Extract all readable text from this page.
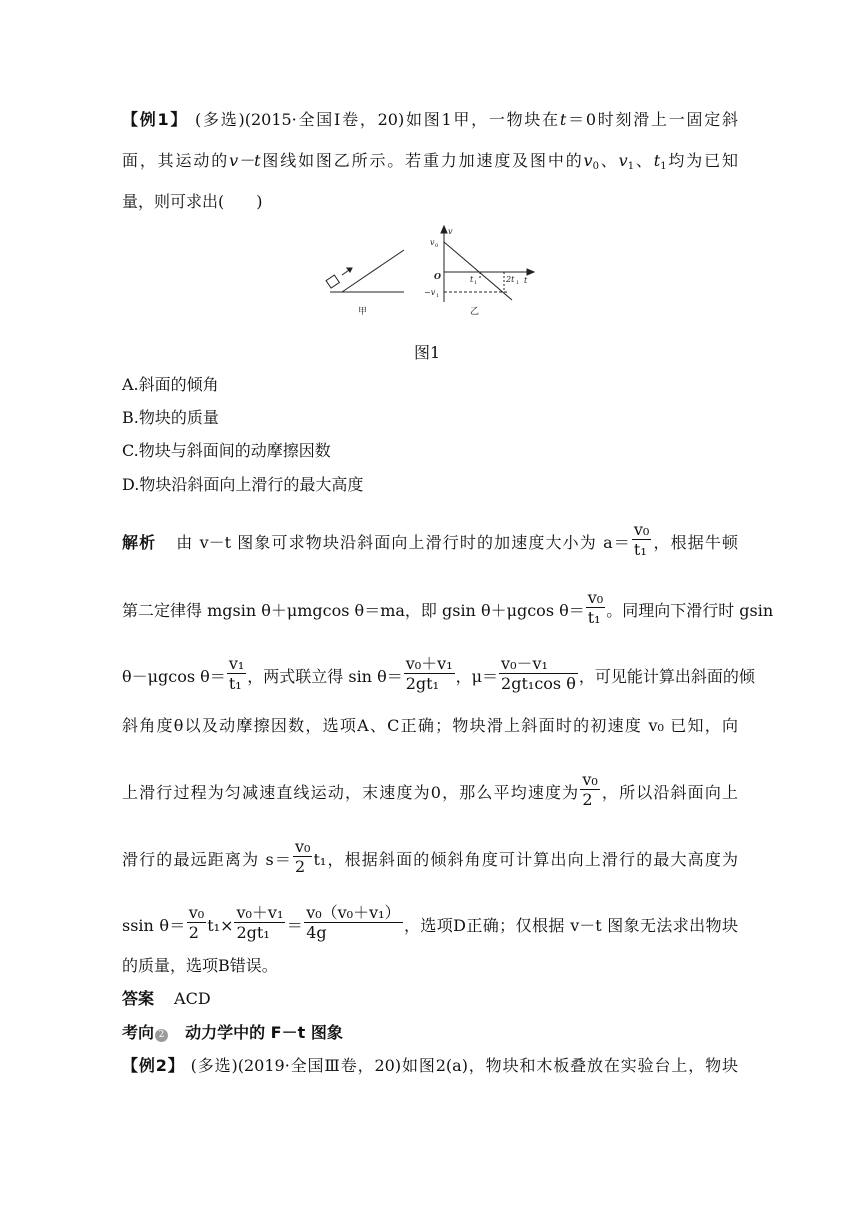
【例1】 (多选)(2015·全国Ⅰ卷，20)如图1甲，一物块在t＝0时刻滑上一固定斜
面，其运动的v－t图线如图乙所示。若重力加速度及图中的$v_0$、$v_1$、$t_1$均为已知
量，则可求出(　　)
v
v 0
−v 1
O	t 1	2t 1 t
甲	乙
图1
A.斜面的倾角
B.物块的质量
C.物块与斜面间的动摩擦因数
D.物块沿斜面向上滑行的最大高度
解析 由 v－t 图象可求物块沿斜面向上滑行时的加速度大小为 $a= \frac{\text{v₀}}{\text{t₁}}$ ，根据牛顿
第二定律得 mgsin θ＋μmgcos θ＝ma，即 gsin θ＋μgcos $\theta= \frac{\text{v₀}}{\text{t₁}}$ 。同理向下滑行时 gsin
θ－μgcos $\theta= \frac{\text{v₁}}{\text{t₁}}$ ，两式联立得 $\sin \theta= \frac{\text{v₀＋v₁}}{\text{2gt₁}}$ ，$\mu= \frac{\text{v₀－v₁}}{\text{2gt₁cos θ}}$ ，可见能计算出斜面的倾
斜角度θ以及动摩擦因数，选项A、C正确；物块滑上斜面时的初速度 v₀ 已知，向
上滑行过程为匀减速直线运动，末速度为0，那么平均速度为 $\frac{\text{v₀}}{2}$ ，所以沿斜面向上
滑行的最远距离为 $s= \frac{\text{v₀}}{2} t_1$，根据斜面的倾斜角度可计算出向上滑行的最大高度为
ssin $\theta= \frac{\text{v₀}}{2} t_1\times \frac{\text{v₀＋v₁}}{\text{2gt₁}} = \frac{\text{v₀（v₀＋v₁）}}{4g}$ ，选项D正确；仅根据 v－t 图象无法求出物块
的质量，选项B错误。
答案 ACD
考向 2 动力学中的 F－t 图象
【例2】 (多选)(2019·全国Ⅲ卷，20)如图2(a)，物块和木板叠放在实验台上，物块
